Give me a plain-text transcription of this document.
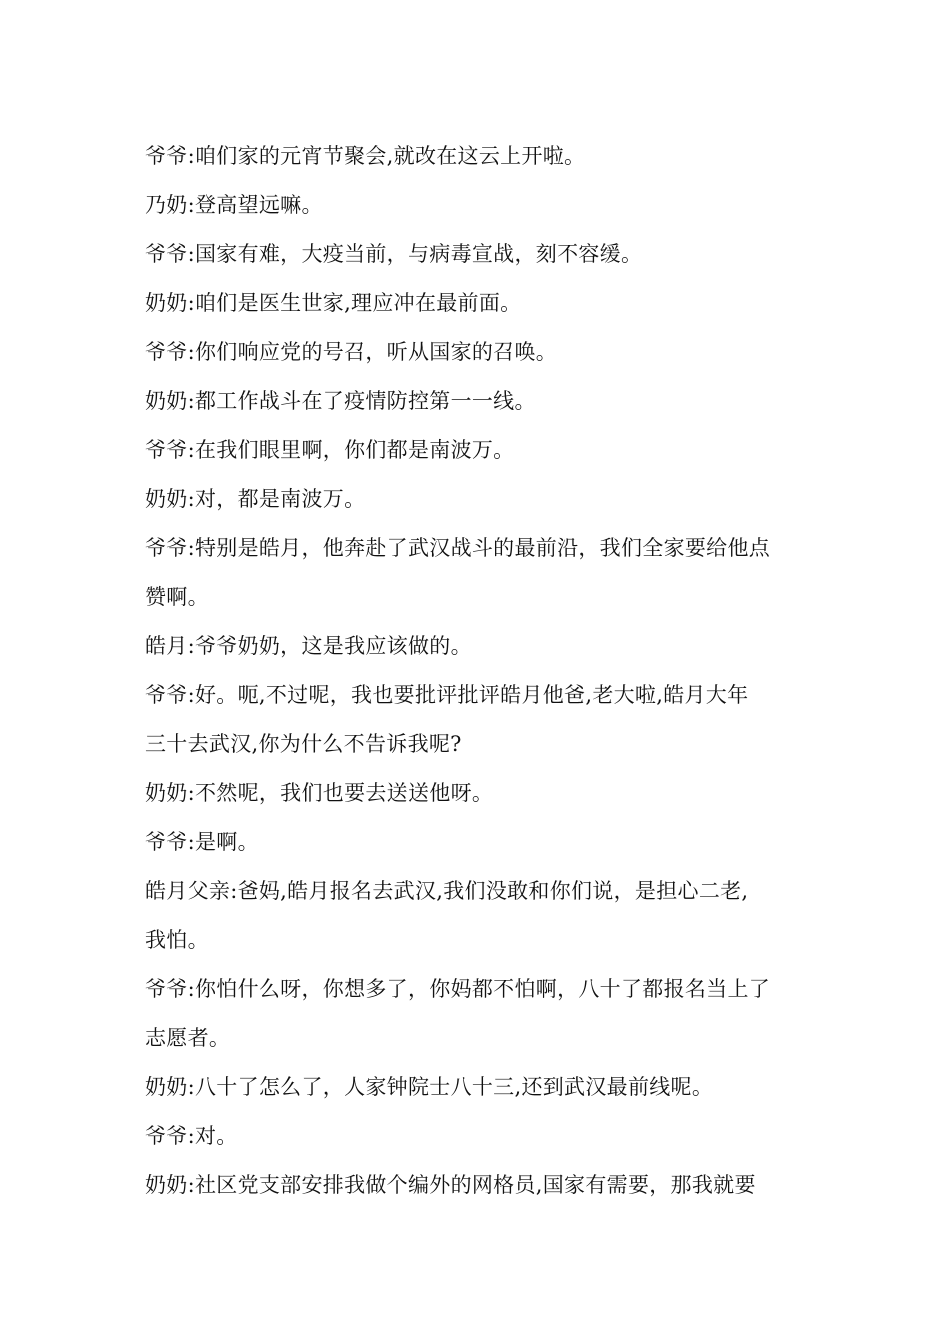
爷爷:咱们家的元宵节聚会,就改在这云上开啦。
乃奶:登高望远嘛。
爷爷:国家有难，大疫当前，与病毒宣战，刻不容缓。
奶奶:咱们是医生世家,理应冲在最前面。
爷爷:你们响应党的号召，听从国家的召唤。
奶奶:都工作战斗在了疫情防控第一一线。
爷爷:在我们眼里啊，你们都是南波万。
奶奶:对，都是南波万。
爷爷:特别是皓月，他奔赴了武汉战斗的最前沿，我们全家要给他点
赞啊。
皓月:爷爷奶奶，这是我应该做的。
爷爷:好。呃,不过呢，我也要批评批评皓月他爸,老大啦,皓月大年
三十去武汉,你为什么不告诉我呢?
奶奶:不然呢，我们也要去送送他呀。
爷爷:是啊。
皓月父亲:爸妈,皓月报名去武汉,我们没敢和你们说，是担心二老,
我怕。
爷爷:你怕什么呀，你想多了，你妈都不怕啊，八十了都报名当上了
志愿者。
奶奶:八十了怎么了，人家钟院士八十三,还到武汉最前线呢。
爷爷:对。
奶奶:社区党支部安排我做个编外的网格员,国家有需要，那我就要
